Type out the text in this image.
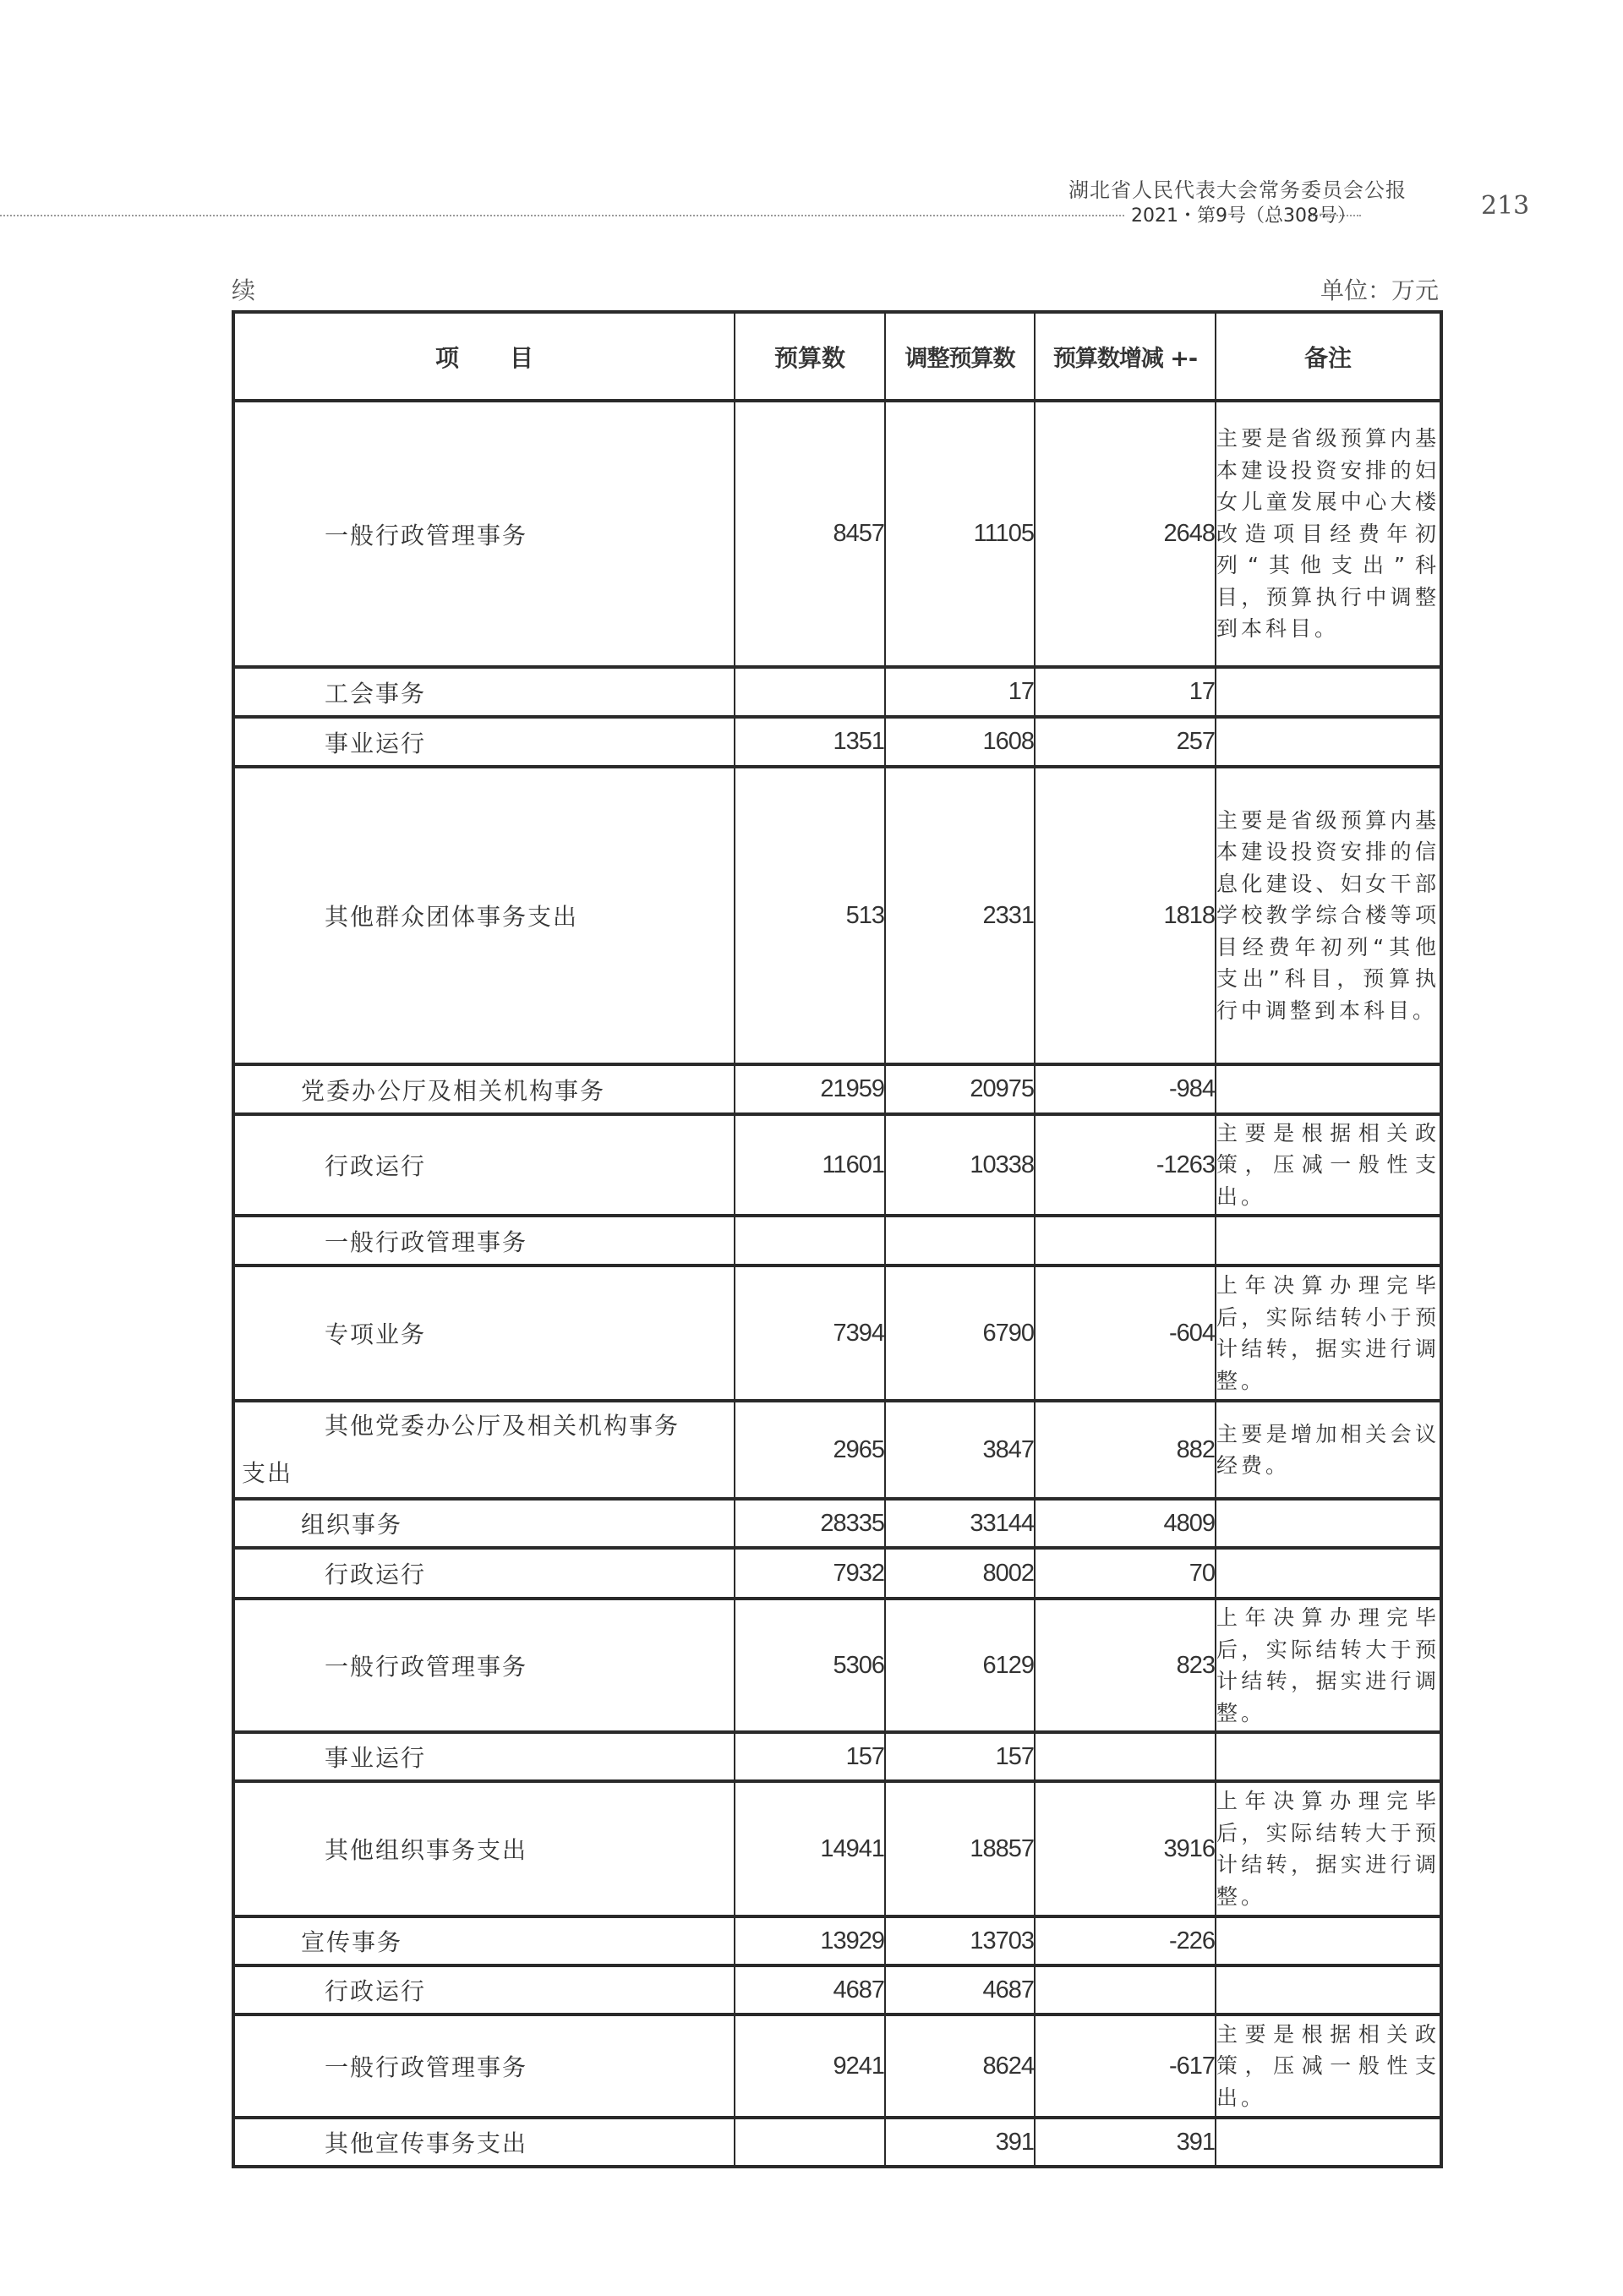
湖北省人民代表大会常务委员会公报
2021・第9号（总308号）	213
续	单位：万元
项目	预算数	调整预算数	预算数增减 +-	备注
一般行政管理事务	8457	11105	2648	主要是省级预算内基本建设投资安排的妇女儿童发展中心大楼改造项目经费年初列“其他支出”科目，预算执行中调整到本科目。
工会事务		17	17	
事业运行	1351	1608	257	
其他群众团体事务支出	513	2331	1818	主要是省级预算内基本建设投资安排的信息化建设、妇女干部学校教学综合楼等项目经费年初列“其他支出”科目，预算执行中调整到本科目。
党委办公厅及相关机构事务	21959	20975	-984	
行政运行	11601	10338	-1263	主要是根据相关政策，压减一般性支出。
一般行政管理事务				
专项业务	7394	6790	-604	上年决算办理完毕后，实际结转小于预计结转，据实进行调整。

其他党委办公厅及相关机构事务
支出	2965	3847	882	主要是增加相关会议经费。
组织事务	28335	33144	4809	
行政运行	7932	8002	70	
一般行政管理事务	5306	6129	823	上年决算办理完毕后，实际结转大于预计结转，据实进行调整。
事业运行	157	157		
其他组织事务支出	14941	18857	3916	上年决算办理完毕后，实际结转大于预计结转，据实进行调整。
宣传事务	13929	13703	-226	
行政运行	4687	4687		
一般行政管理事务	9241	8624	-617	主要是根据相关政策，压减一般性支出。
其他宣传事务支出		391	391	
